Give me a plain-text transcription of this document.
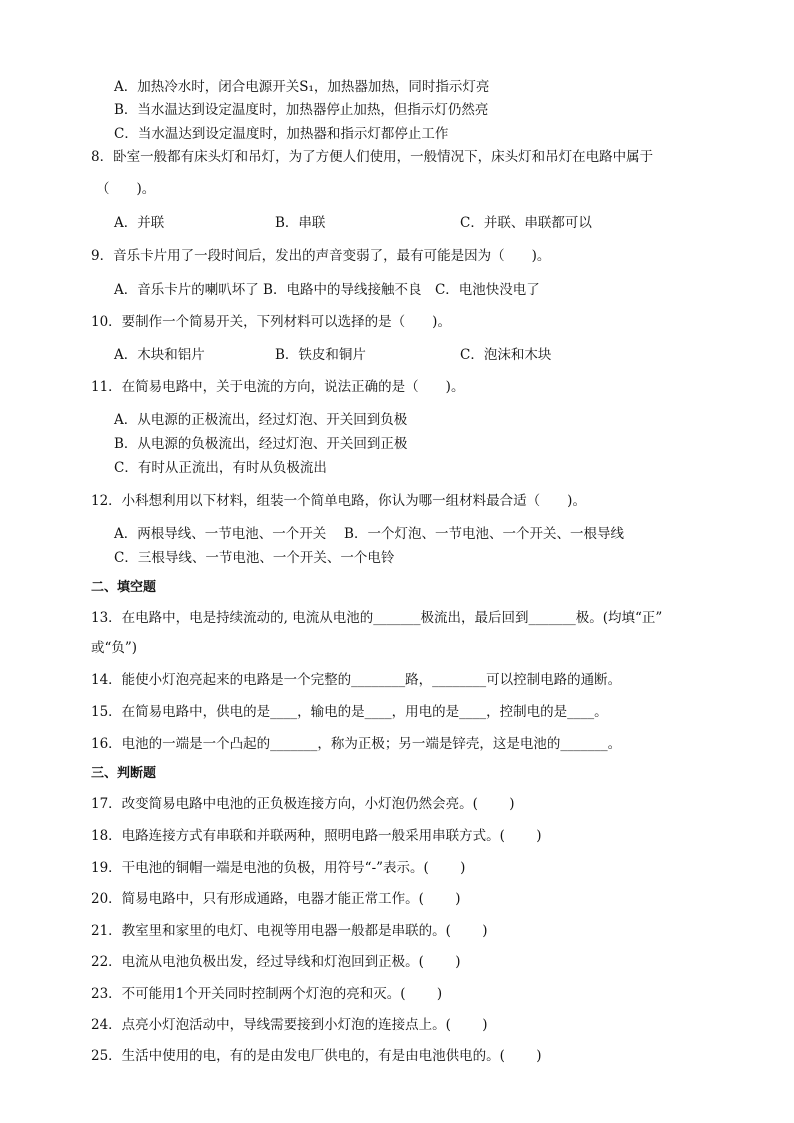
A．加热冷水时，闭合电源开关S₁，加热器加热，同时指示灯亮
B．当水温达到设定温度时，加热器停止加热，但指示灯仍然亮
C．当水温达到设定温度时，加热器和指示灯都停止工作
8．卧室一般都有床头灯和吊灯，为了方便人们使用，一般情况下，床头灯和吊灯在电路中属于
（　　)。

A．并联

	B．串联

	C．并联、串联都可以

9．音乐卡片用了一段时间后，发出的声音变弱了，最有可能是因为（　　)。
A．音乐卡片的喇叭坏了 B．电路中的导线接触不良　C．电池快没电了
10．要制作一个简易开关，下列材料可以选择的是（　　)。

A．木块和铝片

	B．铁皮和铜片

	C．泡沫和木块

11．在简易电路中，关于电流的方向，说法正确的是（　　)。
A．从电源的正极流出，经过灯泡、开关回到负极
B．从电源的负极流出，经过灯泡、开关回到正极
C．有时从正流出，有时从负极流出
12．小科想利用以下材料，组装一个简单电路，你认为哪一组材料最合适（　　)。
A．两根导线、一节电池、一个开关　 B．一个灯泡、一节电池、一个开关、一根导线
C．三根导线、一节电池、一个开关、一个电铃
二、填空题
13．在电路中，电是持续流动的, 电流从电池的_______极流出，最后回到_______极。(均填“正”
或“负”)
14．能使小灯泡亮起来的电路是一个完整的________路，________可以控制电路的通断。
15．在简易电路中，供电的是____，输电的是____，用电的是____，控制电的是____。
16．电池的一端是一个凸起的_______，称为正极；另一端是锌壳，这是电池的_______。
三、判断题
17．改变简易电路中电池的正负极连接方向，小灯泡仍然会亮。(　　 )
18．电路连接方式有串联和并联两种，照明电路一般采用串联方式。(　　 )
19．干电池的铜帽一端是电池的负极，用符号“-”表示。(　　 )
20．简易电路中，只有形成通路，电器才能正常工作。(　　 )
21．教室里和家里的电灯、电视等用电器一般都是串联的。(　　 )
22．电流从电池负极出发，经过导线和灯泡回到正极。(　　 )
23．不可能用1个开关同时控制两个灯泡的亮和灭。(　　 )
24．点亮小灯泡活动中，导线需要接到小灯泡的连接点上。(　　 )
25．生活中使用的电，有的是由发电厂供电的，有是由电池供电的。(　　 )
